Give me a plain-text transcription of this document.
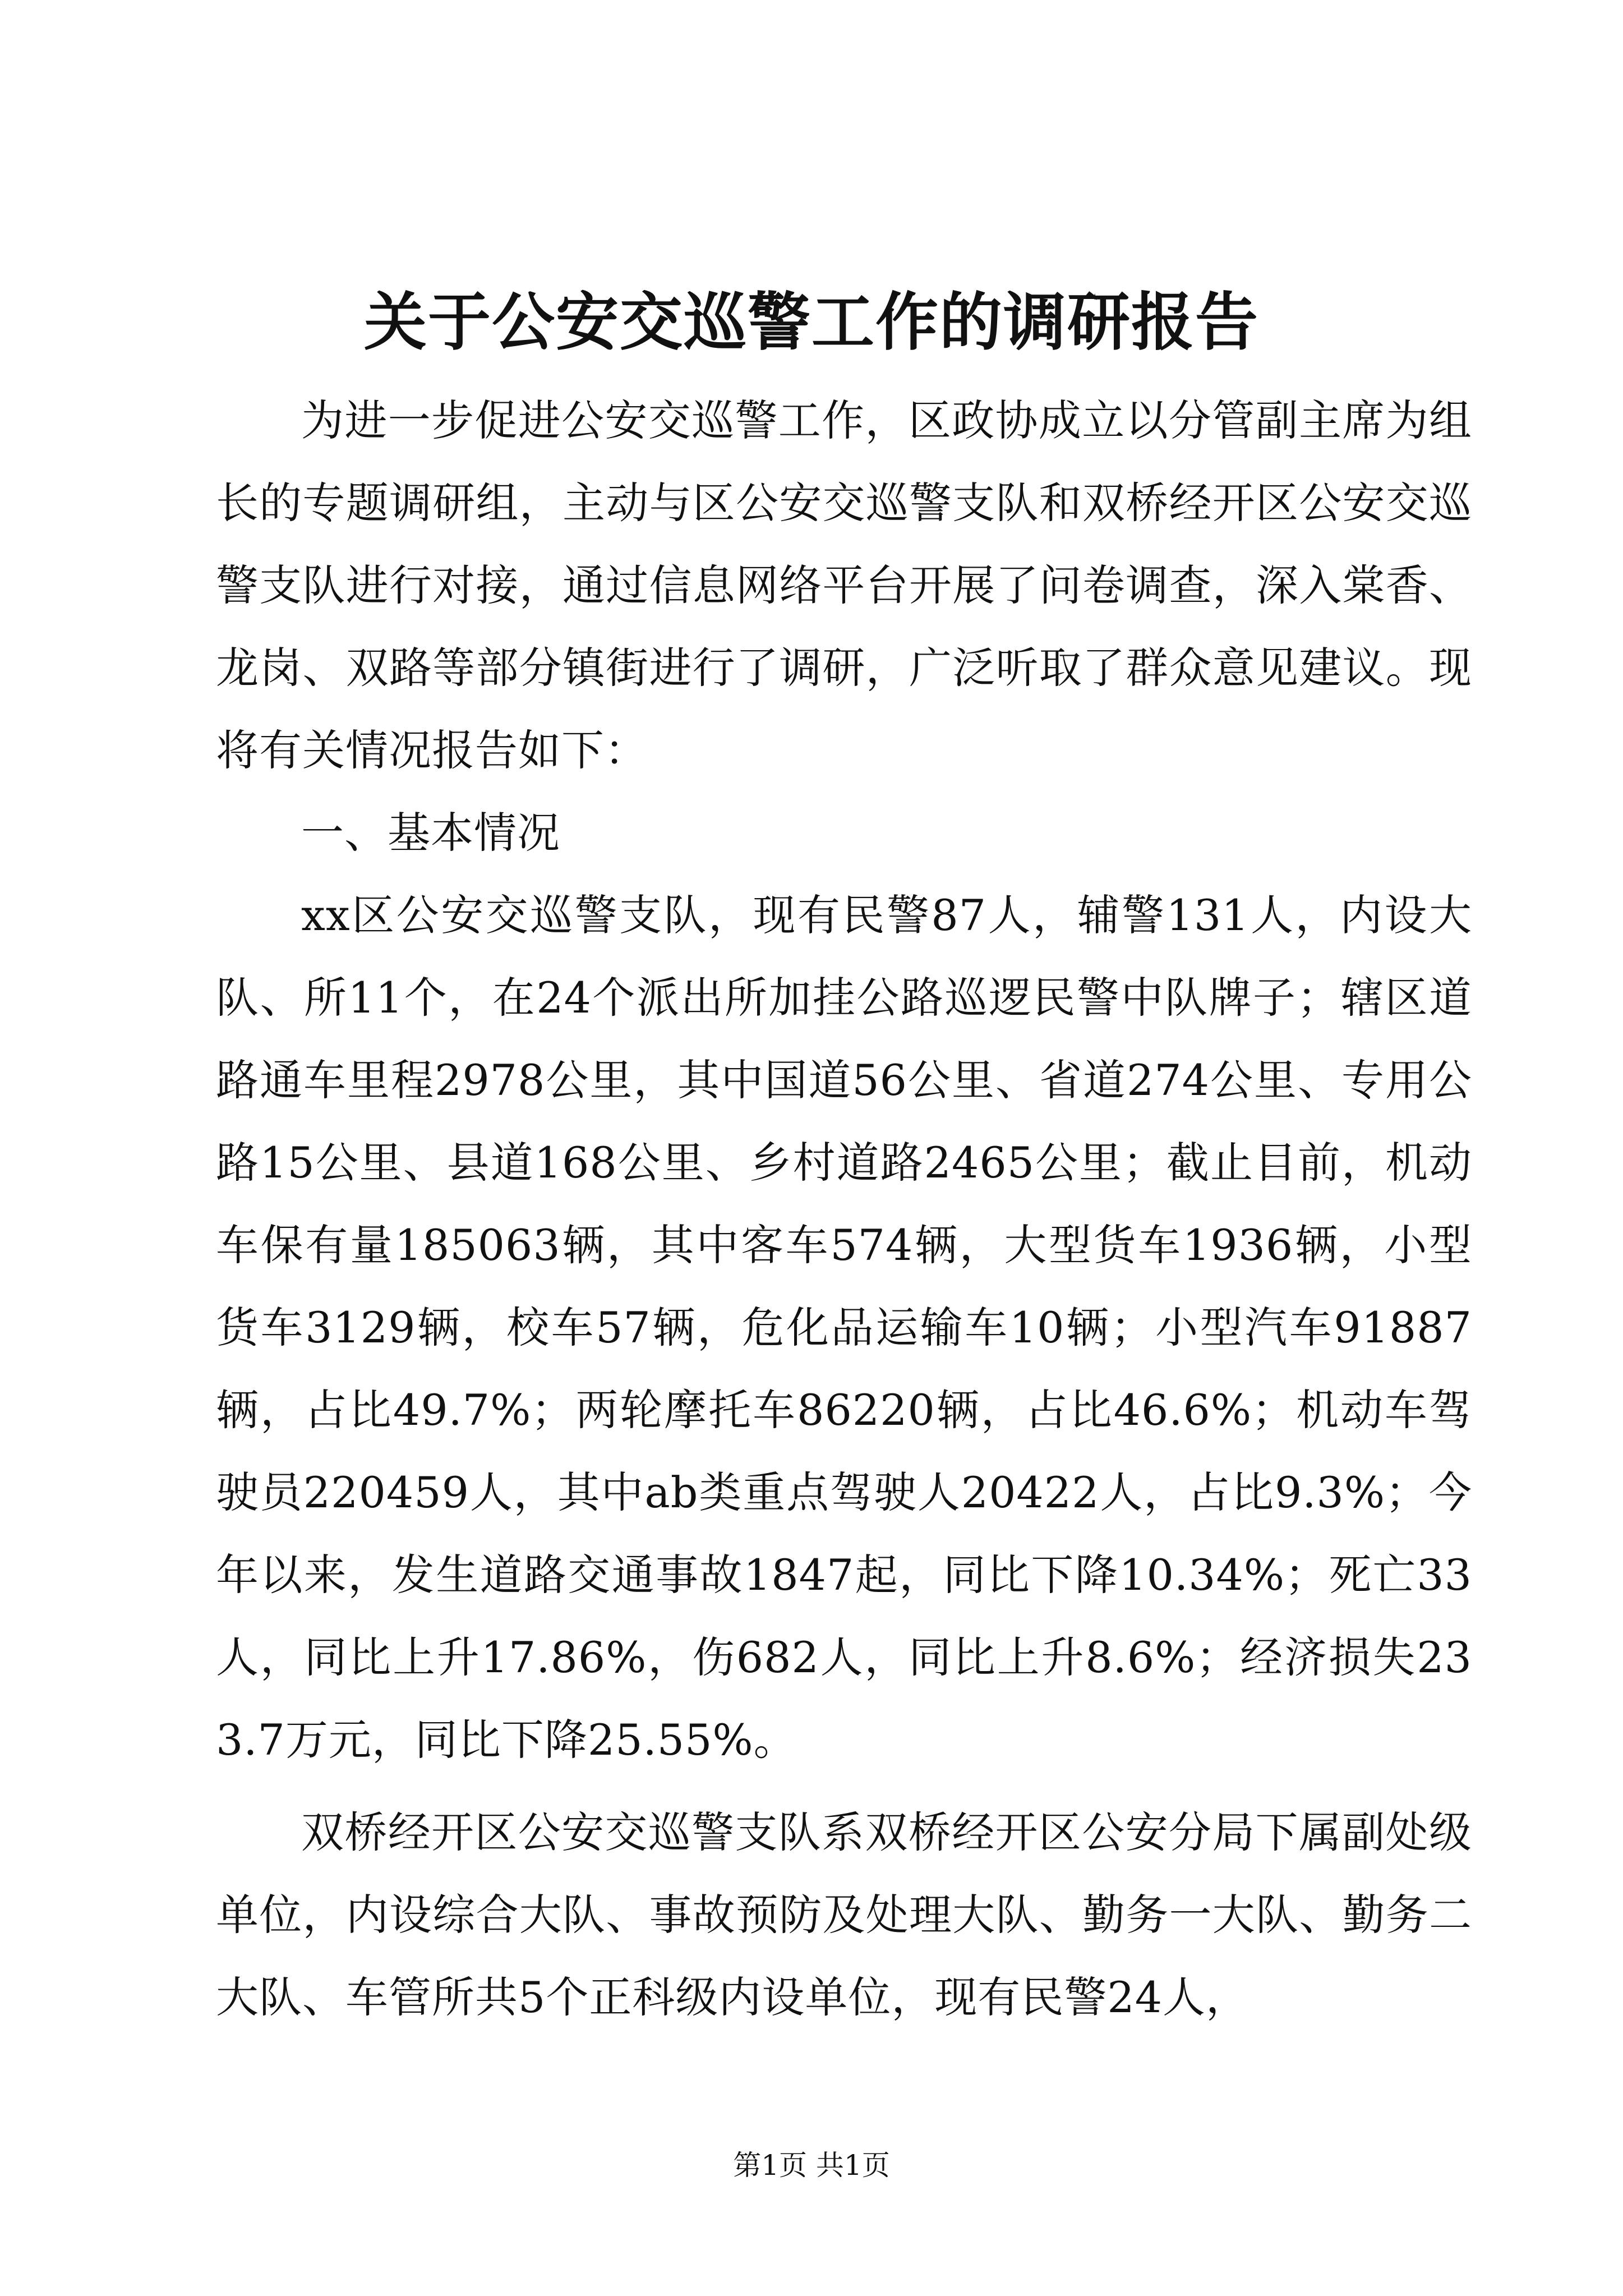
关于公安交巡警工作的调研报告

为进一步促进公安交巡警工作，区政协成立以分管副主席为组长的专题调研组，主动与区公安交巡警支队和双桥经开区公安交巡警支队进行对接，通过信息网络平台开展了问卷调查，深入棠香、龙岗、双路等部分镇街进行了调研，广泛听取了群众意见建议。现将有关情况报告如下：

一、基本情况

xx区公安交巡警支队，现有民警87人，辅警131人，内设大队、所11个，在24个派出所加挂公路巡逻民警中队牌子；辖区道路通车里程2978公里，其中国道56公里、省道274公里、专用公路15公里、县道168公里、乡村道路2465公里；截止目前，机动车保有量185063辆，其中客车574辆，大型货车1936辆，小型货车3129辆，校车57辆，危化品运输车10辆；小型汽车91887辆，占比49.7%；两轮摩托车86220辆，占比46.6%；机动车驾驶员220459人，其中ab类重点驾驶人20422人，占比9.3%；今年以来，发生道路交通事故1847起，同比下降10.34%；死亡33人，同比上升17.86%，伤682人，同比上升8.6%；经济损失233.7万元，同比下降25.55%。

双桥经开区公安交巡警支队系双桥经开区公安分局下属副处级单位，内设综合大队、事故预防及处理大队、勤务一大队、勤务二大队、车管所共5个正科级内设单位，现有民警24人，

第1页 共1页
